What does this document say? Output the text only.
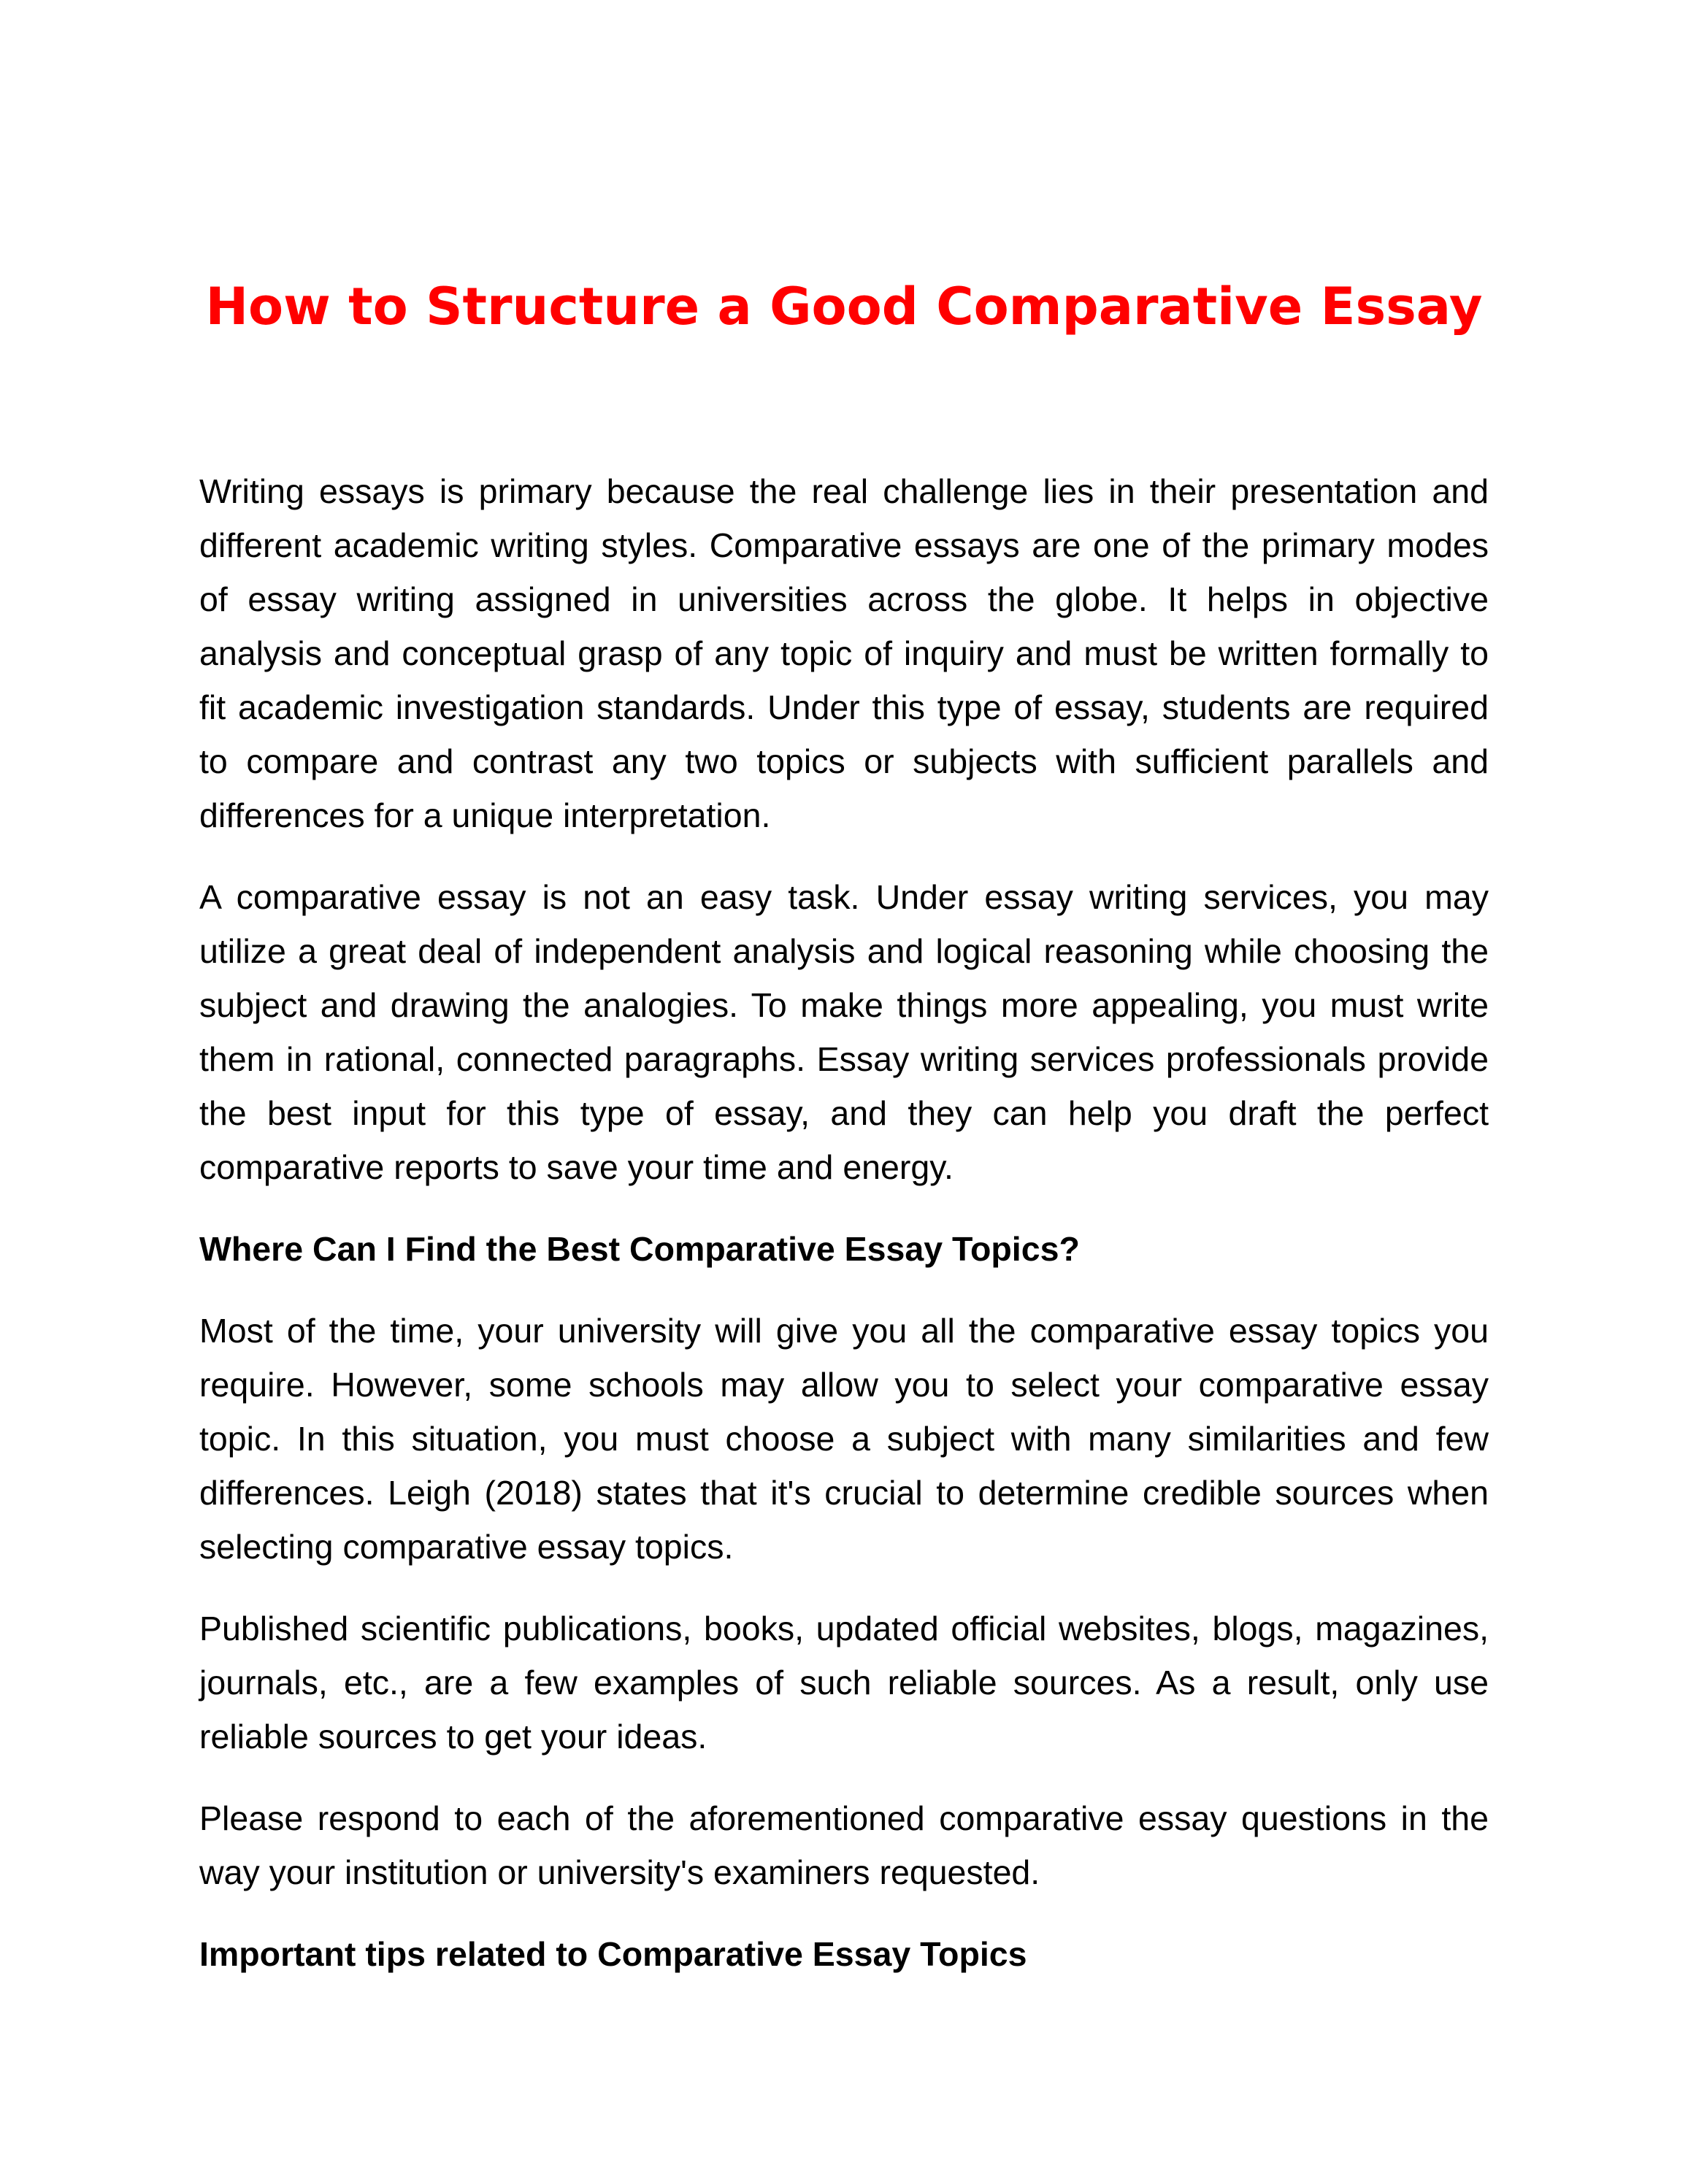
How to Structure a Good Comparative Essay

Writing essays is primary because the real challenge lies in their presentation and different academic writing styles. Comparative essays are one of the primary modes of essay writing assigned in universities across the globe. It helps in objective analysis and conceptual grasp of any topic of inquiry and must be written formally to fit academic investigation standards. Under this type of essay, students are required to compare and contrast any two topics or subjects with sufficient parallels and differences for a unique interpretation.

A comparative essay is not an easy task. Under essay writing services, you may utilize a great deal of independent analysis and logical reasoning while choosing the subject and drawing the analogies. To make things more appealing, you must write them in rational, connected paragraphs. Essay writing services professionals provide the best input for this type of essay, and they can help you draft the perfect comparative reports to save your time and energy.

Where Can I Find the Best Comparative Essay Topics?

Most of the time, your university will give you all the comparative essay topics you require. However, some schools may allow you to select your comparative essay topic. In this situation, you must choose a subject with many similarities and few differences. Leigh (2018) states that it's crucial to determine credible sources when selecting comparative essay topics.

Published scientific publications, books, updated official websites, blogs, magazines, journals, etc., are a few examples of such reliable sources. As a result, only use reliable sources to get your ideas.

Please respond to each of the aforementioned comparative essay questions in the way your institution or university's examiners requested.

Important tips related to Comparative Essay Topics
